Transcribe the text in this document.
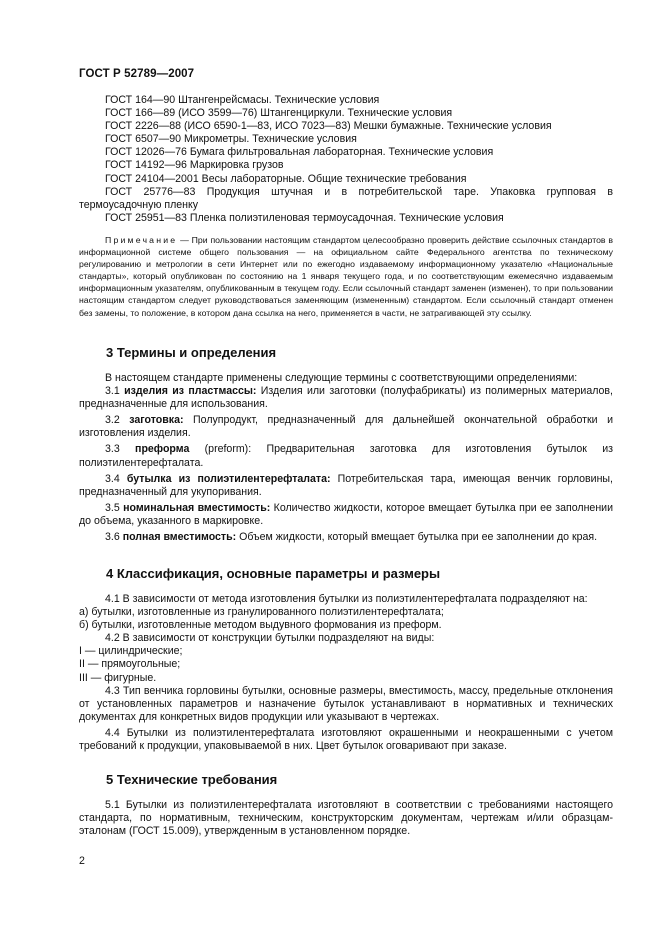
ГОСТ Р 52789—2007

ГОСТ 164—90 Штангенрейсмасы. Технические условия

ГОСТ 166—89 (ИСО 3599—76) Штангенциркули. Технические условия

ГОСТ 2226—88 (ИСО 6590-1—83, ИСО 7023—83) Мешки бумажные. Технические условия

ГОСТ 6507—90 Микрометры. Технические условия

ГОСТ 12026—76 Бумага фильтровальная лабораторная. Технические условия

ГОСТ 14192—96 Маркировка грузов

ГОСТ 24104—2001 Весы лабораторные. Общие технические требования

ГОСТ 25776—83 Продукция штучная и в потребительской таре. Упаковка групповая в термоусадочную пленку

ГОСТ 25951—83 Пленка полиэтиленовая термоусадочная. Технические условия

Примечание — При пользовании настоящим стандартом целесообразно проверить действие ссылочных стандартов в информационной системе общего пользования — на официальном сайте Федерального агентства по техническому регулированию и метрологии в сети Интернет или по ежегодно издаваемому информационному указателю «Национальные стандарты», который опубликован по состоянию на 1 января текущего года, и по соответствующим ежемесячно издаваемым информационным указателям, опубликованным в текущем году. Если ссылочный стандарт заменен (изменен), то при пользовании настоящим стандартом следует руководствоваться заменяющим (измененным) стандартом. Если ссылочный стандарт отменен без замены, то положение, в котором дана ссылка на него, применяется в части, не затрагивающей эту ссылку.

3 Термины и определения

В настоящем стандарте применены следующие термины с соответствующими определениями:

3.1 изделия из пластмассы: Изделия или заготовки (полуфабрикаты) из полимерных материалов, предназначенные для использования.

3.2 заготовка: Полупродукт, предназначенный для дальнейшей окончательной обработки и изготовления изделия.

3.3 преформа (preform): Предварительная заготовка для изготовления бутылок из полиэтилентерефталата.

3.4 бутылка из полиэтилентерефталата: Потребительская тара, имеющая венчик горловины, предназначенный для укупоривания.

3.5 номинальная вместимость: Количество жидкости, которое вмещает бутылка при ее заполнении до объема, указанного в маркировке.

3.6 полная вместимость: Объем жидкости, который вмещает бутылка при ее заполнении до края.

4 Классификация, основные параметры и размеры

4.1 В зависимости от метода изготовления бутылки из полиэтилентерефталата подразделяют на:

а) бутылки, изготовленные из гранулированного полиэтилентерефталата;

б) бутылки, изготовленные методом выдувного формования из преформ.

4.2 В зависимости от конструкции бутылки подразделяют на виды:

I — цилиндрические;

II — прямоугольные;

III — фигурные.

4.3 Тип венчика горловины бутылки, основные размеры, вместимость, массу, предельные отклонения от установленных параметров и назначение бутылок устанавливают в нормативных и технических документах для конкретных видов продукции или указывают в чертежах.

4.4 Бутылки из полиэтилентерефталата изготовляют окрашенными и неокрашенными с учетом требований к продукции, упаковываемой в них. Цвет бутылок оговаривают при заказе.

5 Технические требования

5.1 Бутылки из полиэтилентерефталата изготовляют в соответствии с требованиями настоящего стандарта, по нормативным, техническим, конструкторским документам, чертежам и/или образцам-эталонам (ГОСТ 15.009), утвержденным в установленном порядке.

2
